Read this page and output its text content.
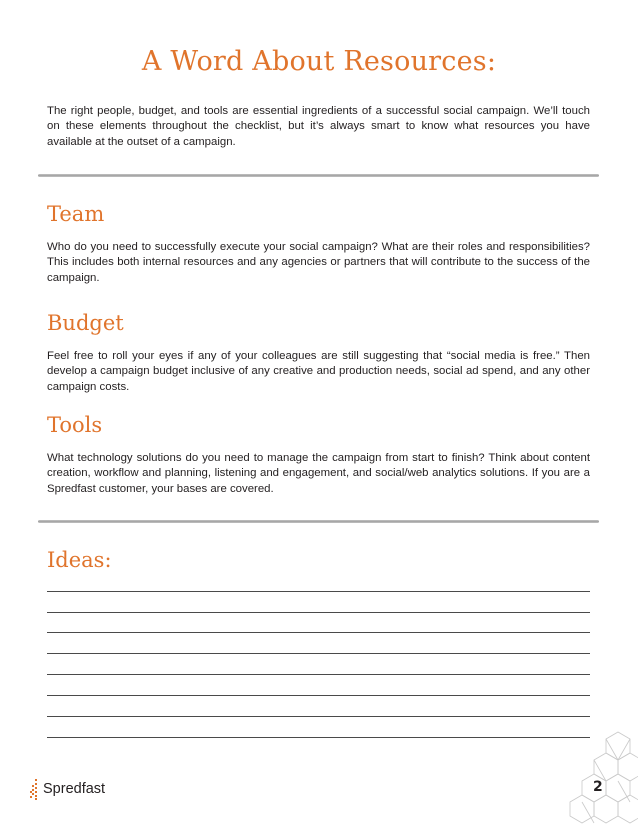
A Word About Resources:
The right people, budget, and tools are essential ingredients of a successful social campaign. We’ll touch on these elements throughout the checklist, but it’s always smart to know what resources you have available at the outset of a campaign.
Team
Who do you need to successfully execute your social campaign? What are their roles and responsibilities? This includes both internal resources and any agencies or partners that will contribute to the success of the campaign.
Budget
Feel free to roll your eyes if any of your colleagues are still suggesting that “social media is free.” Then develop a campaign budget inclusive of any creative and production needs, social ad spend, and any other campaign costs.
Tools
What technology solutions do you need to manage the campaign from start to finish? Think about content creation, workflow and planning, listening and engagement, and social/web analytics solutions. If you are a Spredfast customer, your bases are covered.
Ideas:
Spredfast	2
